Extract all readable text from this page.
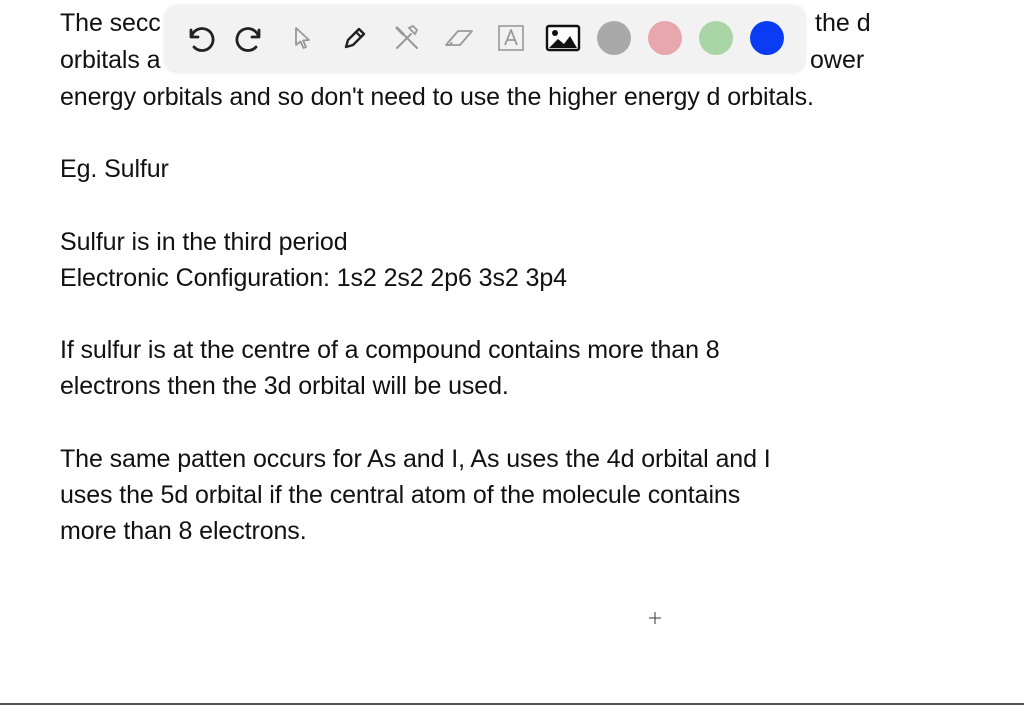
The secc	the d
orbitals a	ower
energy orbitals and so don't need to use the higher energy d orbitals.
Eg. Sulfur
Sulfur is in the third period
Electronic Configuration: 1s2 2s2 2p6 3s2 3p4
If sulfur is at the centre of a compound contains more than 8
electrons then the 3d orbital will be used.
The same patten occurs for As and I, As uses the 4d orbital and I
uses the 5d orbital if the central atom of the molecule contains
more than 8 electrons.
